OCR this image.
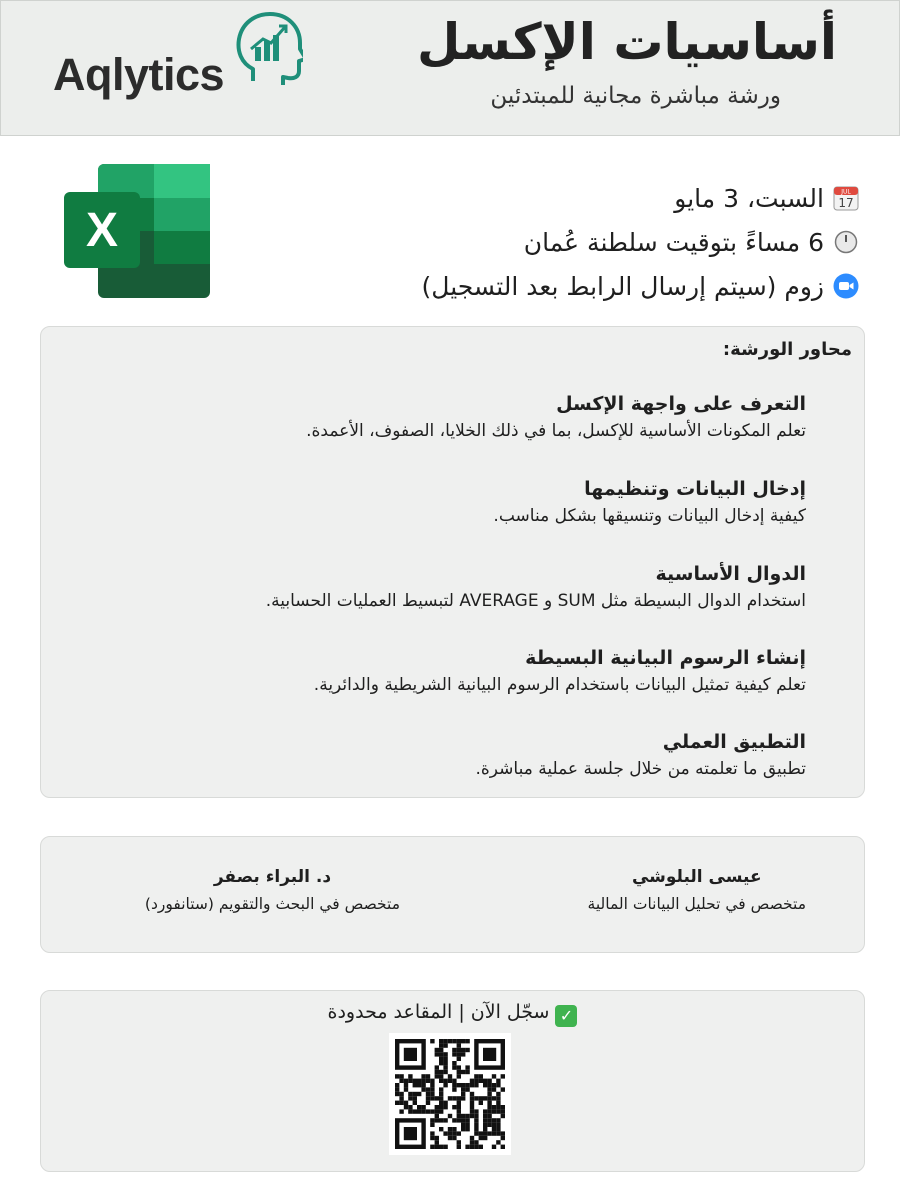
Aqlytics
أساسيات الإكسل
ورشة مباشرة مجانية للمبتدئين
X
JUL
17
السبت، 3 مايو
6 مساءً بتوقيت سلطنة عُمان
زوم (سيتم إرسال الرابط بعد التسجيل)
محاور الورشة:
التعرف على واجهة الإكسل
تعلم المكونات الأساسية للإكسل، بما في ذلك الخلايا، الصفوف، الأعمدة.
إدخال البيانات وتنظيمها
كيفية إدخال البيانات وتنسيقها بشكل مناسب.
الدوال الأساسية
استخدام الدوال البسيطة مثل SUM و AVERAGE لتبسيط العمليات الحسابية.
إنشاء الرسوم البيانية البسيطة
تعلم كيفية تمثيل البيانات باستخدام الرسوم البيانية الشريطية والدائرية.
التطبيق العملي
تطبيق ما تعلمته من خلال جلسة عملية مباشرة.
عيسى البلوشي
متخصص في تحليل البيانات المالية
د. البراء بصفر
متخصص في البحث والتقويم (ستانفورد)
✓سجّل الآن | المقاعد محدودة
